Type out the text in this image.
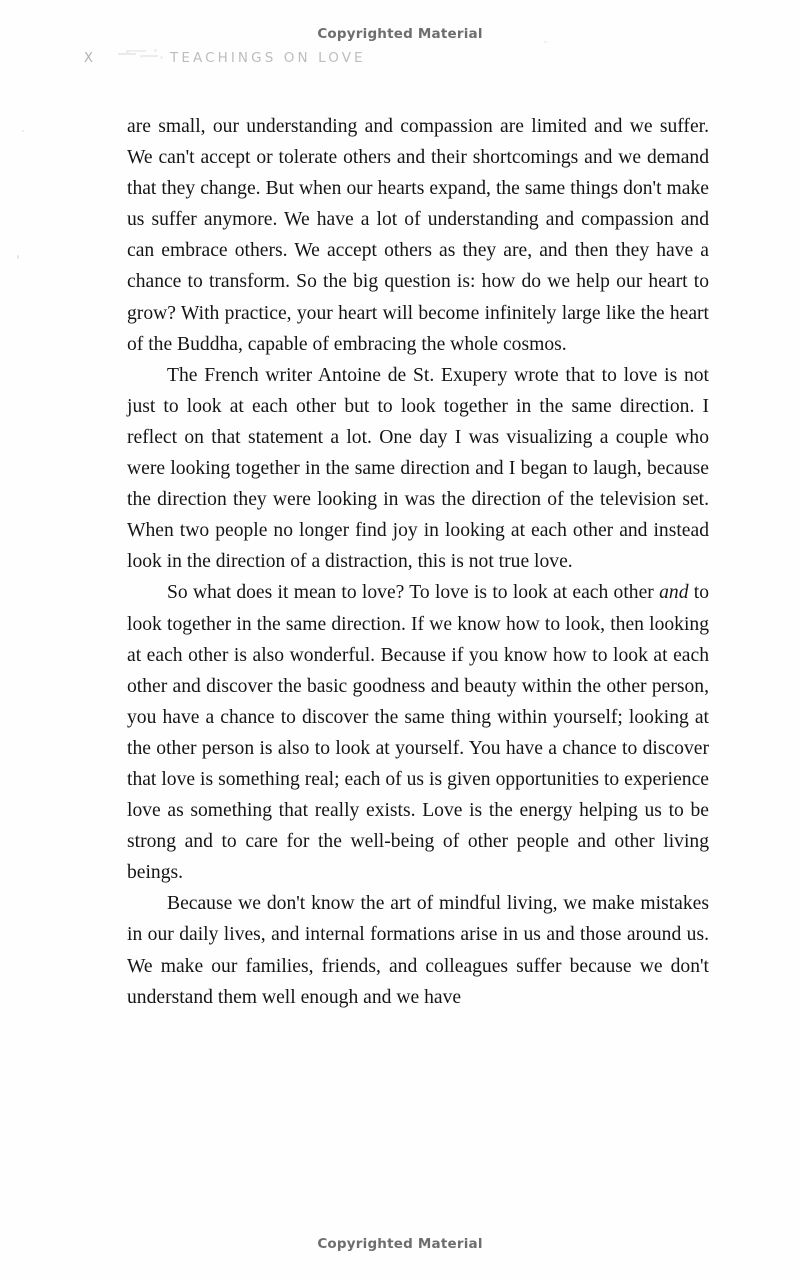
Copyrighted Material
X	TEACHINGS ON LOVE

are small, our understanding and compassion are limited and we suffer. We can't accept or tolerate others and their shortcomings and we demand that they change. But when our hearts expand, the same things don't make us suffer anymore. We have a lot of understanding and compassion and can embrace others. We accept others as they are, and then they have a chance to transform. So the big question is: how do we help our heart to grow? With practice, your heart will become infinitely large like the heart of the Buddha, capable of embracing the whole cosmos.

The French writer Antoine de St. Exupery wrote that to love is not just to look at each other but to look together in the same direction. I reflect on that statement a lot. One day I was visualizing a couple who were looking together in the same direction and I began to laugh, because the direction they were looking in was the direction of the television set. When two people no longer find joy in looking at each other and instead look in the direction of a distraction, this is not true love.

So what does it mean to love? To love is to look at each other and to look together in the same direction. If we know how to look, then looking at each other is also wonderful. Because if you know how to look at each other and discover the basic goodness and beauty within the other person, you have a chance to discover the same thing within yourself; looking at the other person is also to look at yourself. You have a chance to discover that love is something real; each of us is given opportunities to experience love as something that really exists. Love is the energy helping us to be strong and to care for the well-being of other people and other living beings.

Because we don't know the art of mindful living, we make mistakes in our daily lives, and internal formations arise in us and those around us. We make our families, friends, and colleagues suffer because we don't understand them well enough and we have

Copyrighted Material
